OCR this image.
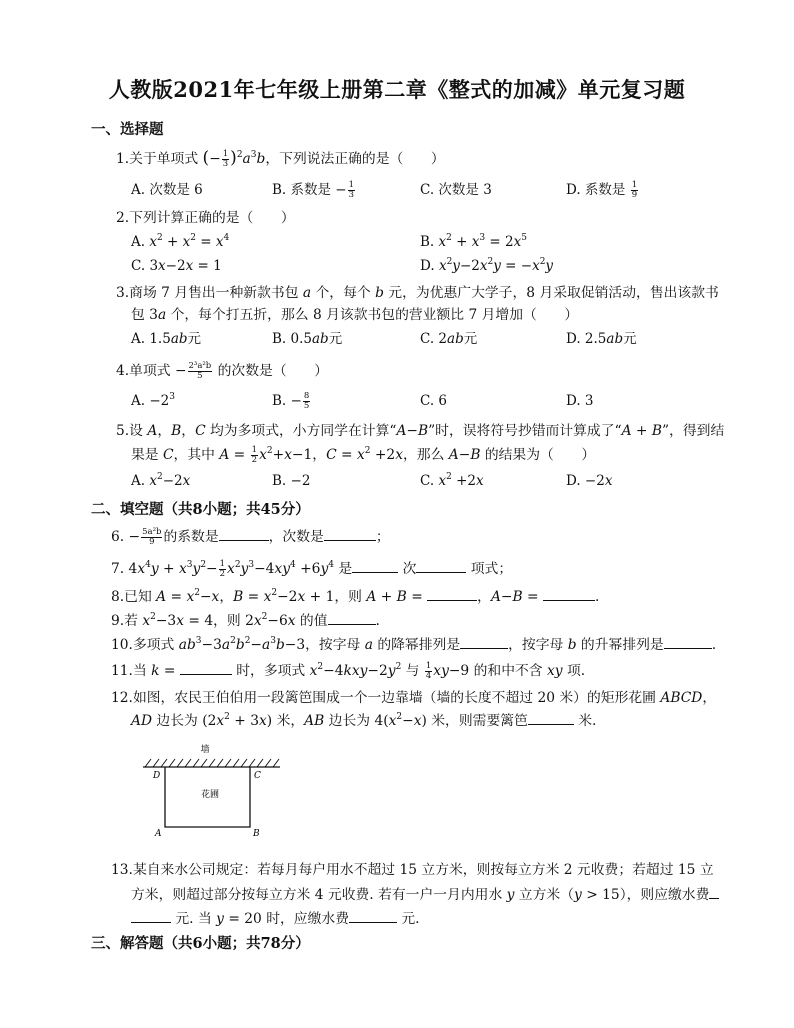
人教版2021年七年级上册第二章《整式的加减》单元复习题
一、选择题
1.关于单项式 (− $\frac{1}{3} )^2a^3b$，下列说法正确的是（　　）
A. 次数是 6	B. 系数是 − $\frac{1}{3}$	C. 次数是 3	D. 系数是 $\frac{1}{9}$
2.下列计算正确的是（　　）
A. $x^2 + x^2 = x^4$	B. $x^2 + x^3 = 2x^5$
C. 3x−2x = 1	D. $x^2y-2x^2y = -x^2y$
3.商场 7 月售出一种新款书包 a 个，每个 b 元，为优惠广大学子，8 月采取促销活动，售出该款书
包 3a 个，每个打五折，那么 8 月该款书包的营业额比 7 月增加（　　）
A. 1.5ab元	B. 0.5ab元	C. 2ab元	D. 2.5ab元
4.单项式 − $\frac{\text{2³a²b}}{5}$ 的次数是（　　）
A. $-2^3$	B. − $\frac{8}{5}$	C. 6	D. 3
5.设 A，B，C 均为多项式，小方同学在计算“A−B”时，误将符号抄错而计算成了“A + B”，得到结
果是 C，其中 $A = \frac{1}{2} x^2+x-1$，$C = x^2 +2x$，那么 A−B 的结果为（　　）
A. $x^2-2x$	B. −2	C. $x^2 +2x$	D. −2x
二、填空题（共8小题；共45分）
6. − $\frac{\text{5a²b}}{9}$ 的系数是	，次数是	；
7. $4x^4y + x^3y^2- \frac{1}{2} x^2y^3-4xy^4 +6y^4$ 是	次	项式；
8.已知 $A = x^2-x$，$B = x^2-2x + 1$，则 A + B =	，A−B =	.
9.若 $x^2-3x = 4$，则 $2x^2-6x$ 的值	.
10.多项式 $ab^3-3a^2b^2-a^3b-3$，按字母 a 的降幂排列是	，按字母 b 的升幂排列是	.
11.当 k =	时，多项式 $x^2-4kxy-2y^2$ 与 $\frac{1}{4} xy-9$ 的和中不含 xy 项.
12.如图，农民王伯伯用一段篱笆围成一个一边靠墙（墙的长度不超过 20 米）的矩形花圃 ABCD，
AD 边长为 $(2x^2 + 3x)$ 米，AB 边长为 $4(x^2-x)$ 米，则需要篱笆	米.
墙
花圃
D	C
A	B
13.某自来水公司规定：若每月每户用水不超过 15 立方米，则按每立方米 2 元收费；若超过 15 立
方米，则超过部分按每立方米 4 元收费. 若有一户一月内用水 y 立方米（y > 15），则应缴水费
元. 当 y = 20 时，应缴水费	元.
三、解答题（共6小题；共78分）
